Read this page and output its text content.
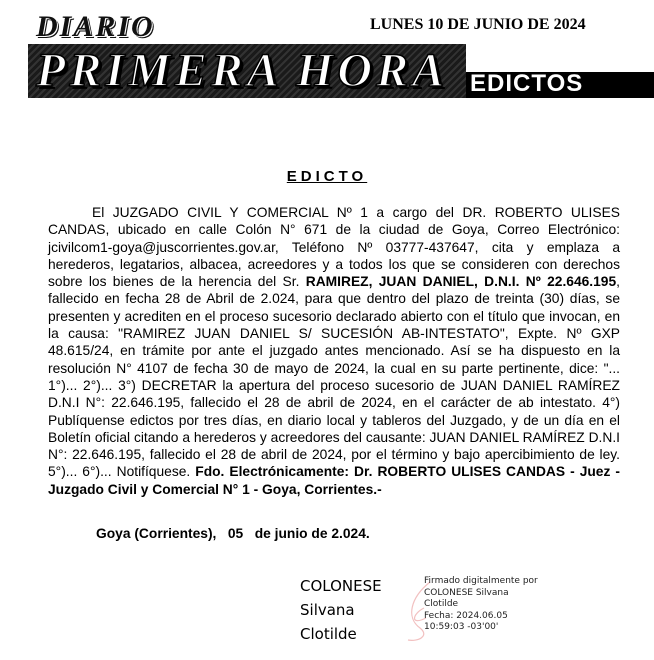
DIARIO	LUNES 10 DE JUNIO DE 2024
PRIMERA HORA EDICTOS
EDICTO
El JUZGADO CIVIL Y COMERCIAL Nº 1 a cargo del DR. ROBERTO ULISES CANDAS, ubicado en calle Colón N° 671 de la ciudad de Goya, Correo Electrónico: jcivilcom1-goya@juscorrientes.gov.ar, Teléfono Nº 03777-437647, cita y emplaza a herederos, legatarios, albacea, acreedores y a todos los que se consideren con derechos sobre los bienes de la herencia del Sr. RAMIREZ, JUAN DANIEL, D.N.I. Nº 22.646.195, fallecido en fecha 28 de Abril de 2.024, para que dentro del plazo de treinta (30) días, se presenten y acrediten en el proceso sucesorio declarado abierto con el título que invocan, en la causa: "RAMIREZ JUAN DANIEL S/ SUCESIÓN AB-INTESTATO", Expte. Nº GXP 48.615/24, en trámite por ante el juzgado antes mencionado. Así se ha dispuesto en la resolución N° 4107 de fecha 30 de mayo de 2024, la cual en su parte pertinente, dice: "... 1°)... 2°)... 3°) DECRETAR la apertura del proceso sucesorio de JUAN DANIEL RAMÍREZ D.N.I N°: 22.646.195, fallecido el 28 de abril de 2024, en el carácter de ab intestato. 4°) Publíquense edictos por tres días, en diario local y tableros del Juzgado, y de un día en el Boletín oficial citando a herederos y acreedores del causante: JUAN DANIEL RAMÍREZ D.N.I N°: 22.646.195, fallecido el 28 de abril de 2024, por el término y bajo apercibimiento de ley. 5°)... 6°)... Notifíquese. Fdo. Electrónicamente: Dr. ROBERTO ULISES CANDAS - Juez - Juzgado Civil y Comercial N° 1 - Goya, Corrientes.-
Goya (Corrientes),   05   de junio de 2.024.
COLONESE
Silvana
Clotilde
Firmado digitalmente por
COLONESE Silvana
Clotilde
Fecha: 2024.06.05
10:59:03 -03'00'
